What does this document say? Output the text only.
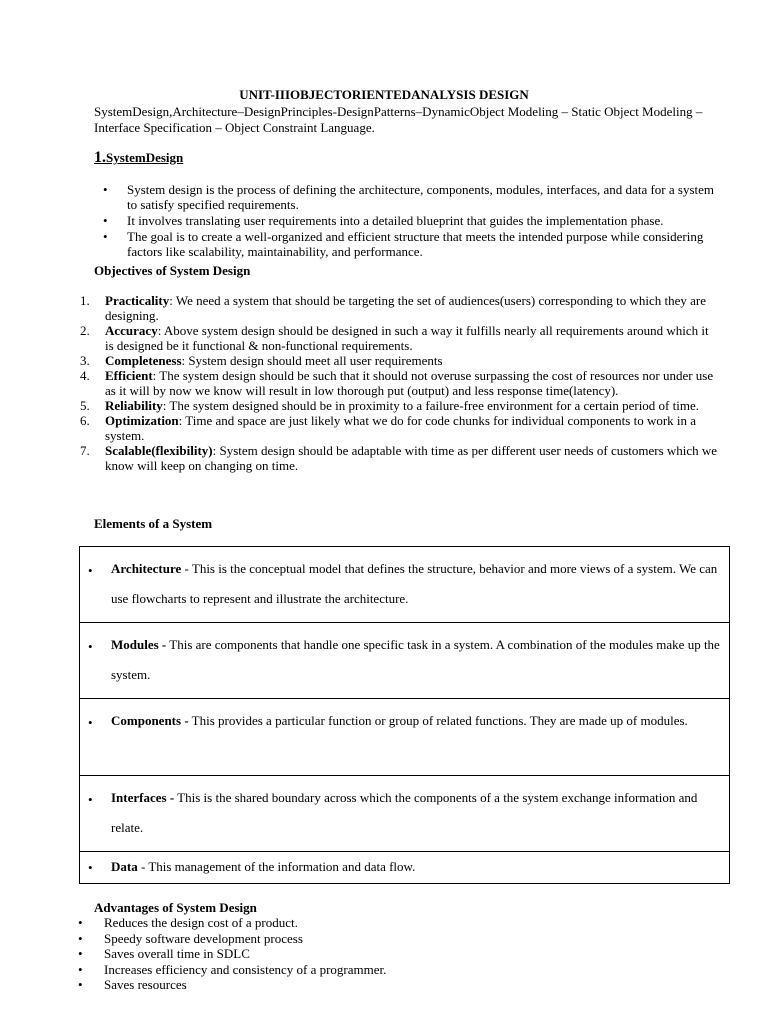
UNIT-IIIOBJECTORIENTEDANALYSIS DESIGN
SystemDesign,Architecture–DesignPrinciples-DesignPatterns–DynamicObject Modeling – Static Object Modeling – Interface Specification – Object Constraint Language.
1.SystemDesign
• System design is the process of defining the architecture, components, modules, interfaces, and data for a system to satisfy specified requirements.
• It involves translating user requirements into a detailed blueprint that guides the implementation phase.
• The goal is to create a well-organized and efficient structure that meets the intended purpose while considering factors like scalability, maintainability, and performance.
Objectives of System Design
1. Practicality: We need a system that should be targeting the set of audiences(users) corresponding to which they are designing.
2. Accuracy: Above system design should be designed in such a way it fulfills nearly all requirements around which it is designed be it functional & non-functional requirements.
3. Completeness: System design should meet all user requirements
4. Efficient: The system design should be such that it should not overuse surpassing the cost of resources nor under use as it will by now we know will result in low thorough put (output) and less response time(latency).
5. Reliability: The system designed should be in proximity to a failure-free environment for a certain period of time.
6. Optimization: Time and space are just likely what we do for code chunks for individual components to work in a system.
7. Scalable(flexibility): System design should be adaptable with time as per different user needs of customers which we know will keep on changing on time.
Elements of a System
• Architecture - This is the conceptual model that defines the structure, behavior and more views of a system. We can use flowcharts to represent and illustrate the architecture.
• Modules - This are components that handle one specific task in a system. A combination of the modules make up the system.
• Components - This provides a particular function or group of related functions. They are made up of modules.
• Interfaces - This is the shared boundary across which the components of a the system exchange information and relate.
• Data - This management of the information and data flow.
Advantages of System Design
• Reduces the design cost of a product.
• Speedy software development process
• Saves overall time in SDLC
• Increases efficiency and consistency of a programmer.
• Saves resources
